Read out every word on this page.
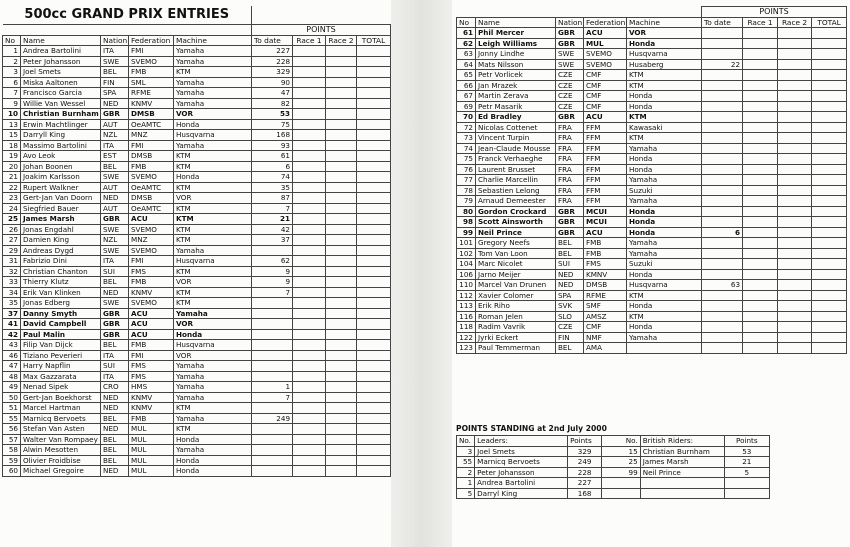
500cc GRAND PRIX ENTRIES								
					POINTS			
No	Name	Nation	Federation	Machine	To date	Race 1	Race 2	TOTAL
1	Andrea Bartolini	ITA	FMI	Yamaha	227			
2	Peter Johansson	SWE	SVEMO	Yamaha	228			
3	Joel Smets	BEL	FMB	KTM	329			
6	Miska Aaltonen	FIN	SML	Yamaha	90			
7	Francisco Garcia	SPA	RFME	Yamaha	47			
9	Willie Van Wessel	NED	KNMV	Yamaha	82			
10	Christian Burnham	GBR	DMSB	VOR	53			
13	Erwin Machtlinger	AUT	OeAMTC	Honda	75			
15	Darryll King	NZL	MNZ	Husqvarna	168			
18	Massimo Bartolini	ITA	FMI	Yamaha	93			
19	Avo Leok	EST	DMSB	KTM	61			
20	Johan Boonen	BEL	FMB	KTM	6			
21	Joakim Karlsson	SWE	SVEMO	Honda	74			
22	Rupert Walkner	AUT	OeAMTC	KTM	35			
23	Gert-Jan Van Doorn	NED	DMSB	VOR	87			
24	Siegfried Bauer	AUT	OeAMTC	KTM	7			
25	James Marsh	GBR	ACU	KTM	21			
26	Jonas Engdahl	SWE	SVEMO	KTM	42			
27	Damien King	NZL	MNZ	KTM	37			
29	Andreas Dygd	SWE	SVEMO	Yamaha				
31	Fabrizio Dini	ITA	FMI	Husqvarna	62			
32	Christian Chanton	SUI	FMS	KTM	9			
33	Thierry Klutz	BEL	FMB	VOR	9			
34	Erik Van Klinken	NED	KNMV	KTM	7			
35	Jonas Edberg	SWE	SVEMO	KTM				
37	Danny Smyth	GBR	ACU	Yamaha				
41	David Campbell	GBR	ACU	VOR				
42	Paul Malin	GBR	ACU	Honda				
43	Filip Van Dijck	BEL	FMB	Husqvarna				
46	Tiziano Peverieri	ITA	FMI	VOR				
47	Harry Napflin	SUI	FMS	Yamaha				
48	Max Gazzarata	ITA	FMS	Yamaha				
49	Nenad Sipek	CRO	HMS	Yamaha	1			
50	Gert-Jan Boekhorst	NED	KNMV	Yamaha	7			
51	Marcel Hartman	NED	KNMV	KTM				
55	Marnicq Bervoets	BEL	FMB	Yamaha	249			
56	Stefan Van Asten	NED	MUL	KTM				
57	Walter Van Rompaey	BEL	MUL	Honda				
58	Alwin Mesotten	BEL	MUL	Yamaha				
59	Olivier Froidbise	BEL	MUL	Honda				
60	Michael Gregoire	NED	MUL	Honda				
					POINTS			
No	Name	Nation	Federation	Machine	To date	Race 1	Race 2	TOTAL
61	Phil Mercer	GBR	ACU	VOR				
62	Leigh Williams	GBR	MUL	Honda				
63	Jonny Lindhe	SWE	SVEMO	Husqvarna				
64	Mats Nilsson	SWE	SVEMO	Husaberg	22			
65	Petr Vorlicek	CZE	CMF	KTM				
66	Jan Mrazek	CZE	CMF	KTM				
67	Martin Zerava	CZE	CMF	Honda				
69	Petr Masarik	CZE	CMF	Honda				
70	Ed Bradley	GBR	ACU	KTM				
72	Nicolas Cottenet	FRA	FFM	Kawasaki				
73	Vincent Turpin	FRA	FFM	KTM				
74	Jean-Claude Mousse	FRA	FFM	Yamaha				
75	Franck Verhaeghe	FRA	FFM	Honda				
76	Laurent Brusset	FRA	FFM	Honda				
77	Charlie Marcellin	FRA	FFM	Yamaha				
78	Sebastien Lelong	FRA	FFM	Suzuki				
79	Arnaud Demeester	FRA	FFM	Yamaha				
80	Gordon Crockard	GBR	MCUI	Honda				
98	Scott Ainsworth	GBR	MCUI	Honda				
99	Neil Prince	GBR	ACU	Honda	6			
101	Gregory Neefs	BEL	FMB	Yamaha				
102	Tom Van Loon	BEL	FMB	Yamaha				
104	Marc Nicolet	SUI	FMS	Suzuki				
106	Jarno Meijer	NED	KMNV	Honda				
110	Marcel Van Drunen	NED	DMSB	Husqvarna	63			
112	Xavier Colomer	SPA	RFME	KTM				
113	Erik Riho	SVK	SMF	Honda				
116	Roman Jelen	SLO	AMSZ	KTM				
118	Radim Vavrik	CZE	CMF	Honda				
122	Jyrki Eckert	FIN	NMF	Yamaha				
123	Paul Temmerman	BEL	AMA					
POINTS STANDING at 2nd July 2000
No.	Leaders:	Points	No.	British Riders:	Points
3	Joel Smets	329	15	Christian Burnham	53
55	Marnicq Bervoets	249	25	James Marsh	21
2	Peter Johansson	228	99	Neil Prince	5
1	Andrea Bartolini	227			
5	Darryl King	168			
